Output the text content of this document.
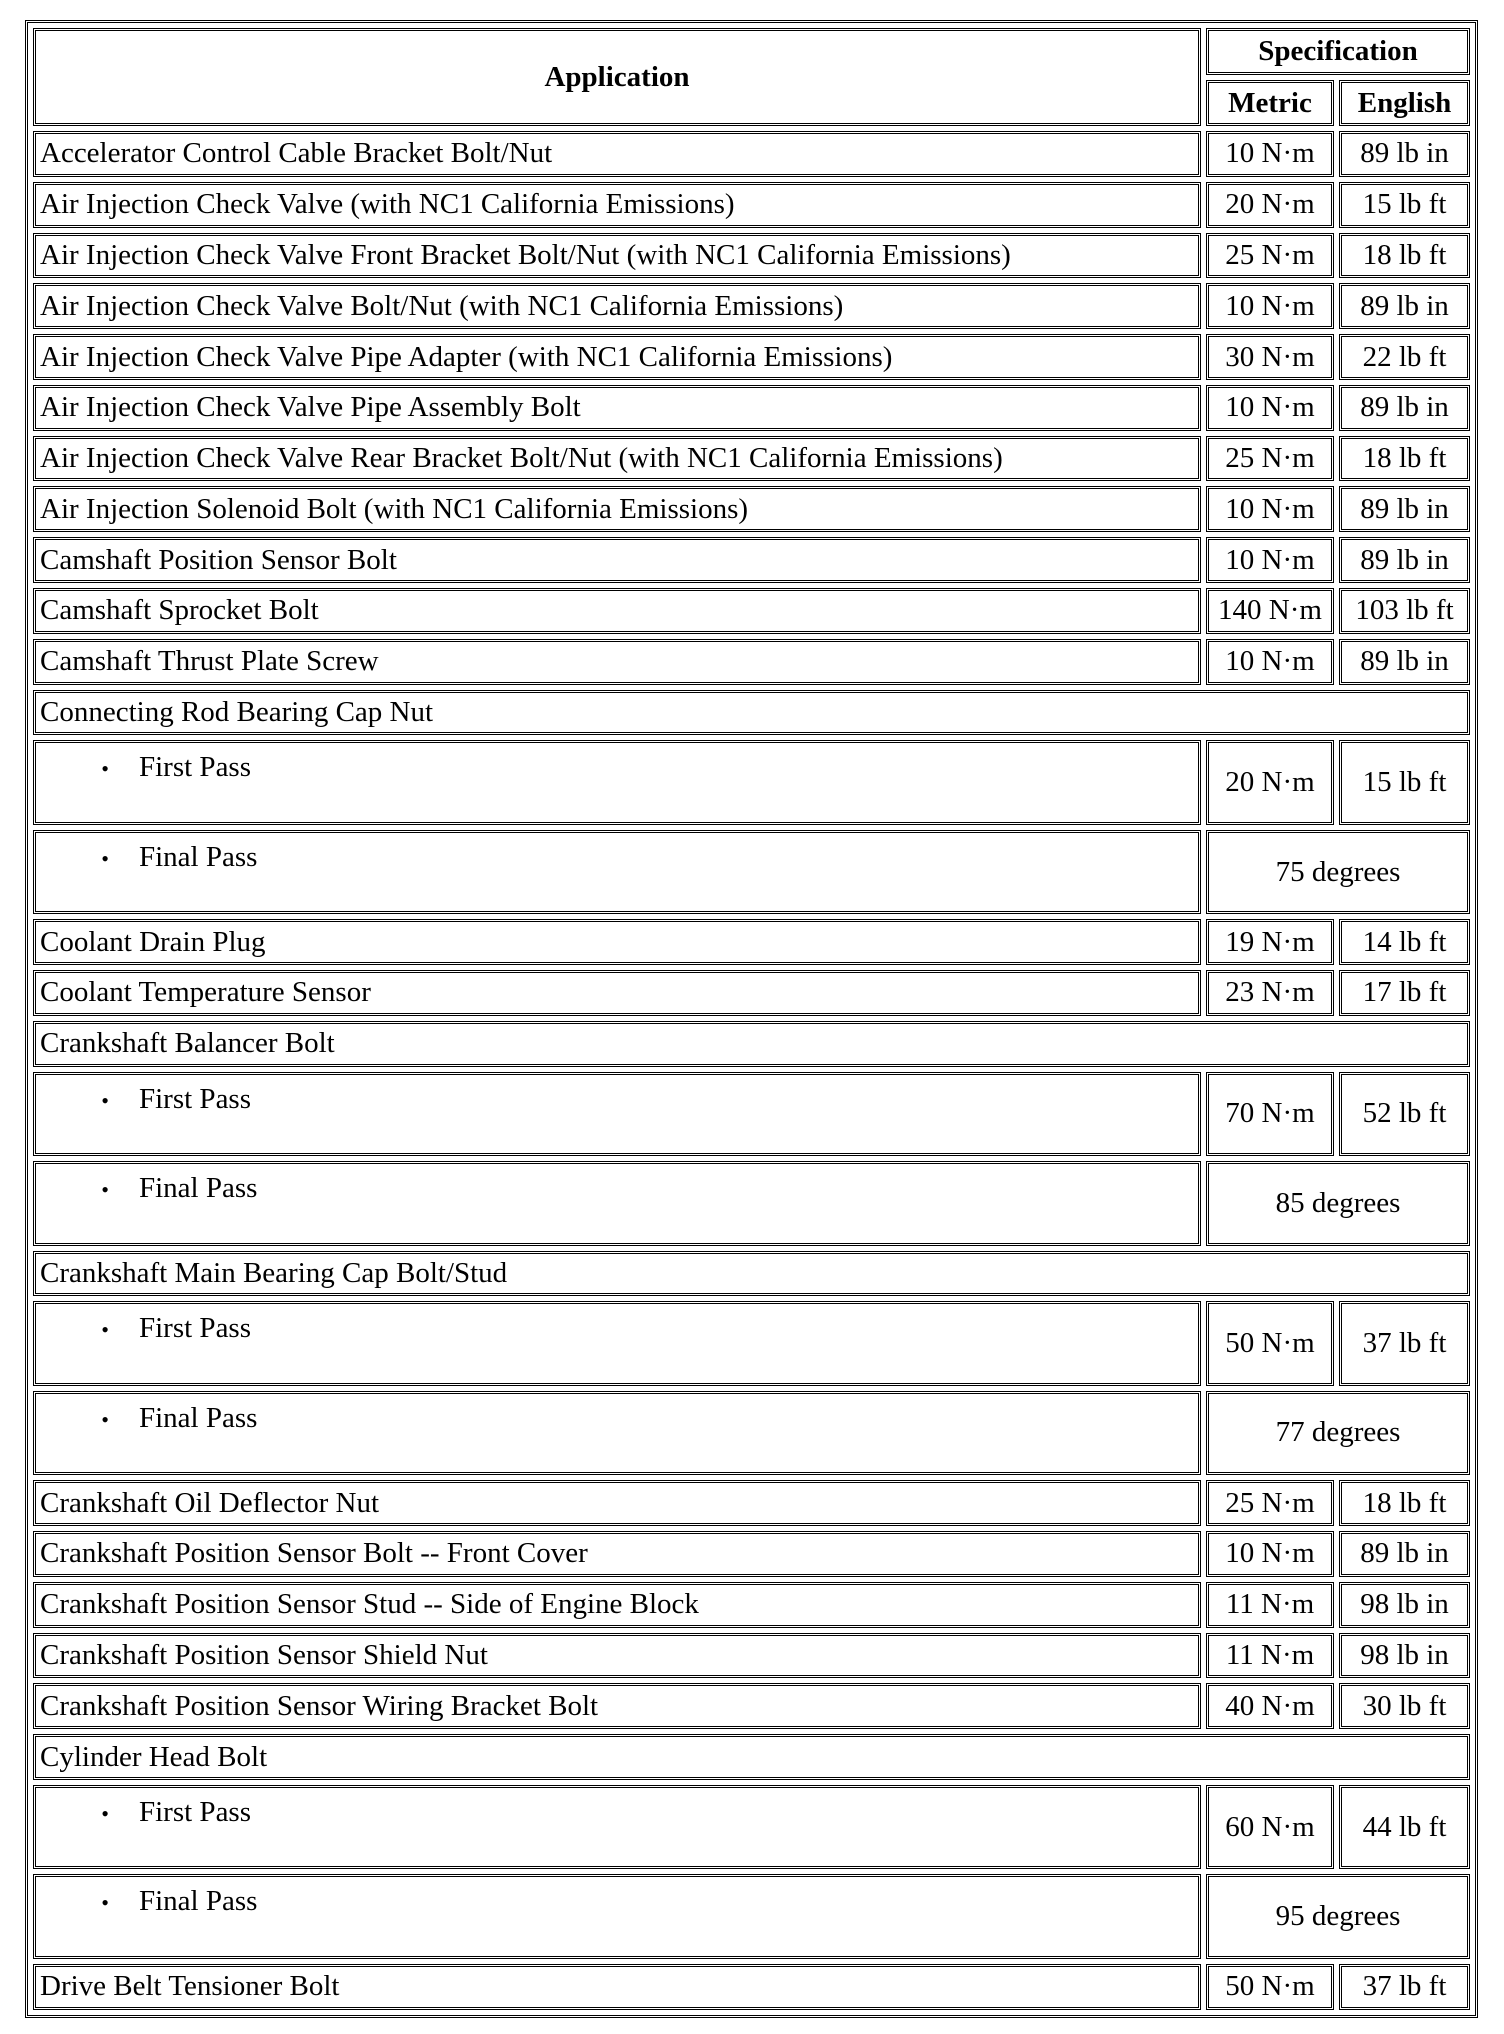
Application	Specification	
	Metric	English
Accelerator Control Cable Bracket Bolt/Nut	10 N·m	89 lb in
Air Injection Check Valve (with NC1 California Emissions)	20 N·m	15 lb ft
Air Injection Check Valve Front Bracket Bolt/Nut (with NC1 California Emissions)	25 N·m	18 lb ft
Air Injection Check Valve Bolt/Nut (with NC1 California Emissions)	10 N·m	89 lb in
Air Injection Check Valve Pipe Adapter (with NC1 California Emissions)	30 N·m	22 lb ft
Air Injection Check Valve Pipe Assembly Bolt	10 N·m	89 lb in
Air Injection Check Valve Rear Bracket Bolt/Nut (with NC1 California Emissions)	25 N·m	18 lb ft
Air Injection Solenoid Bolt (with NC1 California Emissions)	10 N·m	89 lb in
Camshaft Position Sensor Bolt	10 N·m	89 lb in
Camshaft Sprocket Bolt	140 N·m	103 lb ft
Camshaft Thrust Plate Screw	10 N·m	89 lb in
Connecting Rod Bearing Cap Nut		

• First Pass	20 N·m	15 lb ft

• Final Pass	75 degrees	
Coolant Drain Plug	19 N·m	14 lb ft
Coolant Temperature Sensor	23 N·m	17 lb ft
Crankshaft Balancer Bolt		

• First Pass	70 N·m	52 lb ft

• Final Pass	85 degrees	
Crankshaft Main Bearing Cap Bolt/Stud		

• First Pass	50 N·m	37 lb ft

• Final Pass	77 degrees	
Crankshaft Oil Deflector Nut	25 N·m	18 lb ft
Crankshaft Position Sensor Bolt -- Front Cover	10 N·m	89 lb in
Crankshaft Position Sensor Stud -- Side of Engine Block	11 N·m	98 lb in
Crankshaft Position Sensor Shield Nut	11 N·m	98 lb in
Crankshaft Position Sensor Wiring Bracket Bolt	40 N·m	30 lb ft
Cylinder Head Bolt		

• First Pass	60 N·m	44 lb ft

• Final Pass	95 degrees	
Drive Belt Tensioner Bolt	50 N·m	37 lb ft
